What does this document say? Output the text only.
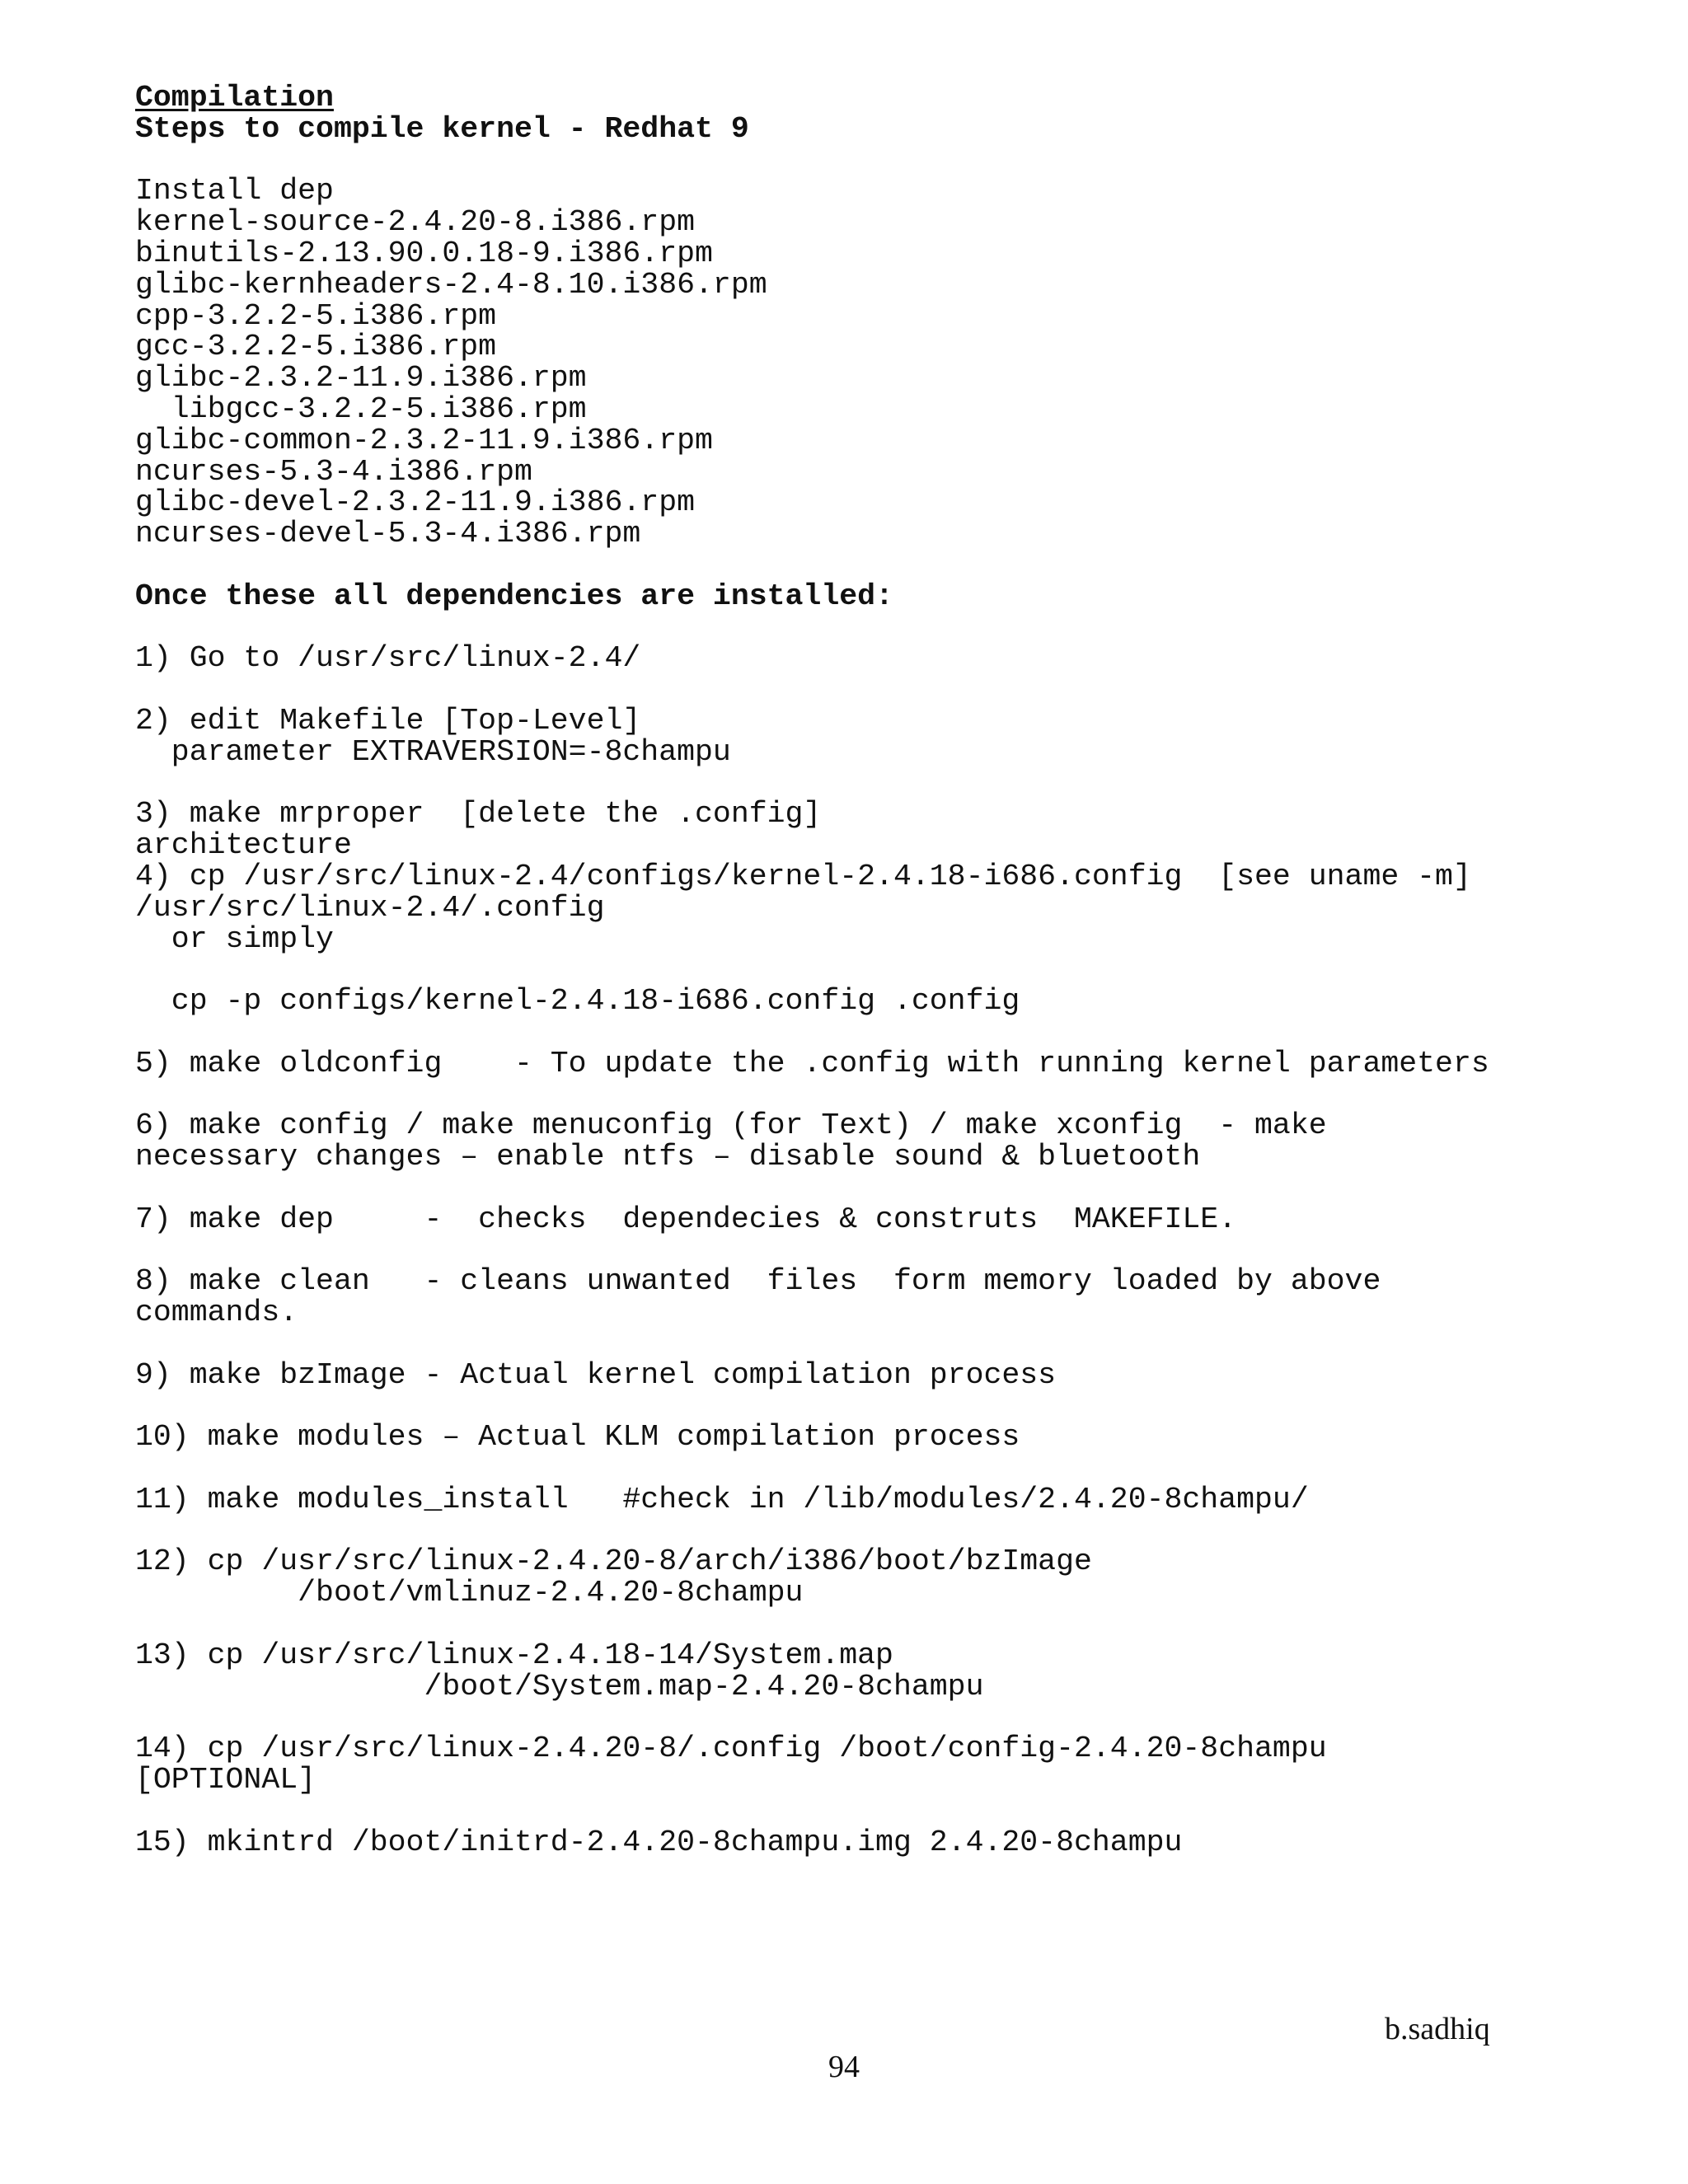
Compilation
Steps to compile kernel - Redhat 9
Install dep
kernel-source-2.4.20-8.i386.rpm
binutils-2.13.90.0.18-9.i386.rpm
glibc-kernheaders-2.4-8.10.i386.rpm
cpp-3.2.2-5.i386.rpm
gcc-3.2.2-5.i386.rpm
glibc-2.3.2-11.9.i386.rpm
libgcc-3.2.2-5.i386.rpm
glibc-common-2.3.2-11.9.i386.rpm
ncurses-5.3-4.i386.rpm
glibc-devel-2.3.2-11.9.i386.rpm
ncurses-devel-5.3-4.i386.rpm
Once these all dependencies are installed:
1) Go to /usr/src/linux-2.4/
2) edit Makefile [Top-Level]
parameter EXTRAVERSION=-8champu
3) make mrproper  [delete the .config]
architecture
4) cp /usr/src/linux-2.4/configs/kernel-2.4.18-i686.config  [see uname -m]
/usr/src/linux-2.4/.config
or simply
cp -p configs/kernel-2.4.18-i686.config .config
5) make oldconfig    - To update the .config with running kernel parameters
6) make config / make menuconfig (for Text) / make xconfig  - make
necessary changes – enable ntfs – disable sound & bluetooth
7) make dep     -  checks  dependecies & construts  MAKEFILE.
8) make clean   - cleans unwanted  files  form memory loaded by above
commands.
9) make bzImage - Actual kernel compilation process
10) make modules – Actual KLM compilation process
11) make modules_install   #check in /lib/modules/2.4.20-8champu/
12) cp /usr/src/linux-2.4.20-8/arch/i386/boot/bzImage
/boot/vmlinuz-2.4.20-8champu
13) cp /usr/src/linux-2.4.18-14/System.map
/boot/System.map-2.4.20-8champu
14) cp /usr/src/linux-2.4.20-8/.config /boot/config-2.4.20-8champu
[OPTIONAL]
15) mkintrd /boot/initrd-2.4.20-8champu.img 2.4.20-8champu
b.sadhiq
94
